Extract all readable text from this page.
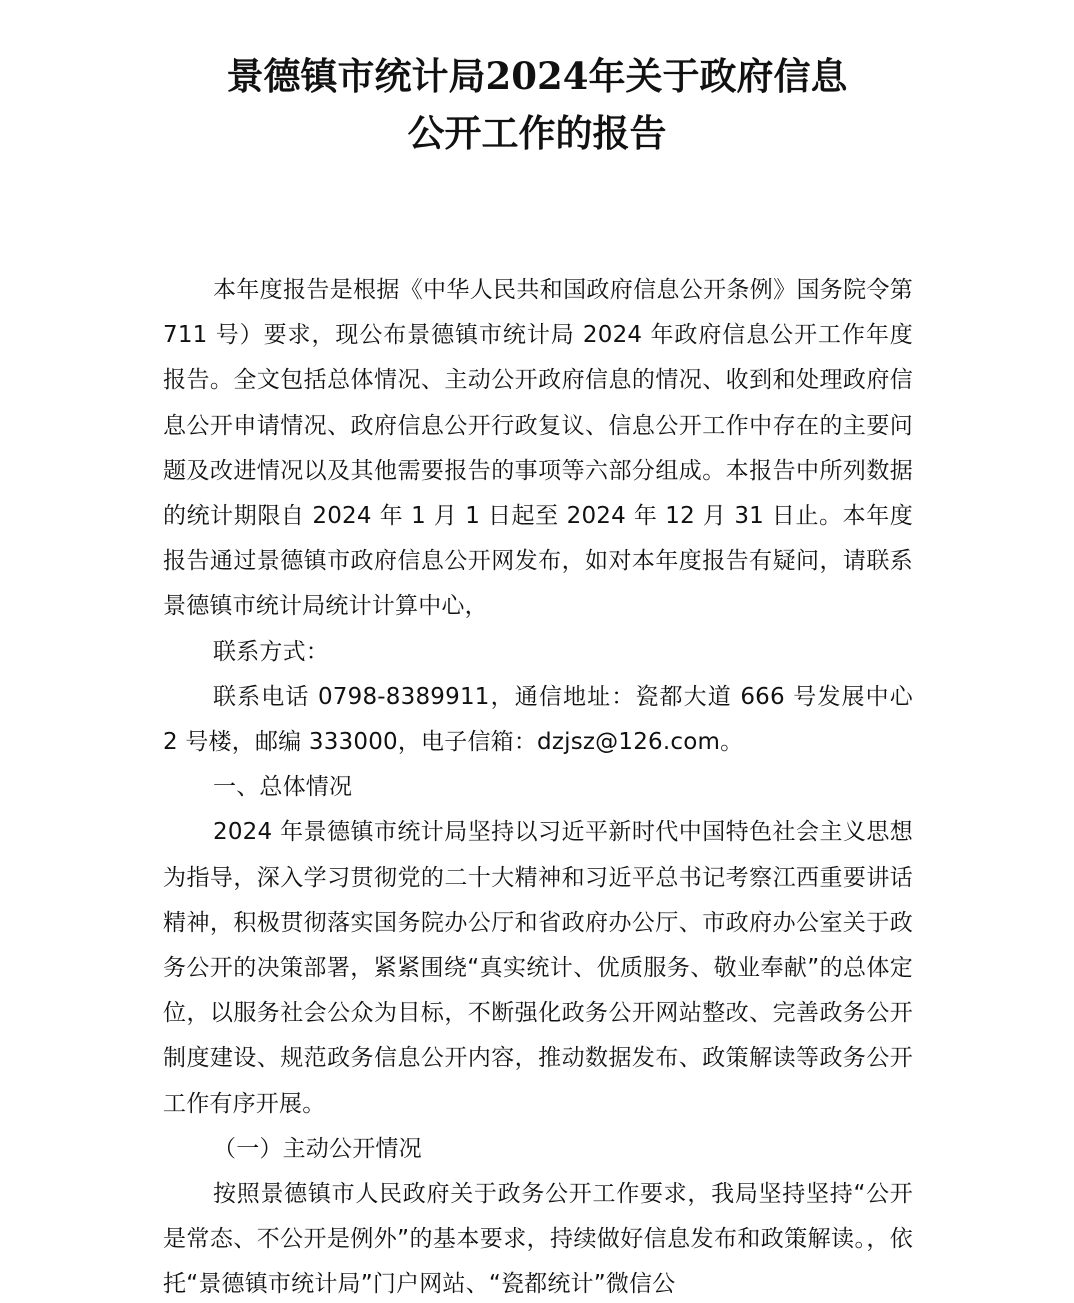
景德镇市统计局2024年关于政府信息
公开工作的报告

本年度报告是根据《中华人民共和国政府信息公开条例》国务院令第 711 号）要求，现公布景德镇市统计局 2024 年政府信息公开工作年度报告。全文包括总体情况、主动公开政府信息的情况、收到和处理政府信息公开申请情况、政府信息公开行政复议、信息公开工作中存在的主要问题及改进情况以及其他需要报告的事项等六部分组成。本报告中所列数据的统计期限自 2024 年 1 月 1 日起至 2024 年 12 月 31 日止。本年度报告通过景德镇市政府信息公开网发布，如对本年度报告有疑问，请联系景德镇市统计局统计计算中心，

联系方式：

联系电话 0798-8389911，通信地址：瓷都大道 666 号发展中心 2 号楼，邮编 333000，电子信箱：dzjsz@126.com。

一、总体情况

2024 年景德镇市统计局坚持以习近平新时代中国特色社会主义思想为指导，深入学习贯彻党的二十大精神和习近平总书记考察江西重要讲话精神，积极贯彻落实国务院办公厅和省政府办公厅、市政府办公室关于政务公开的决策部署，紧紧围绕“真实统计、优质服务、敬业奉献”的总体定位，以服务社会公众为目标，不断强化政务公开网站整改、完善政务公开制度建设、规范政务信息公开内容，推动数据发布、政策解读等政务公开工作有序开展。

（一）主动公开情况

按照景德镇市人民政府关于政务公开工作要求，我局坚持坚持“公开是常态、不公开是例外”的基本要求，持续做好信息发布和政策解读。，依托“景德镇市统计局”门户网站、“瓷都统计”微信公
